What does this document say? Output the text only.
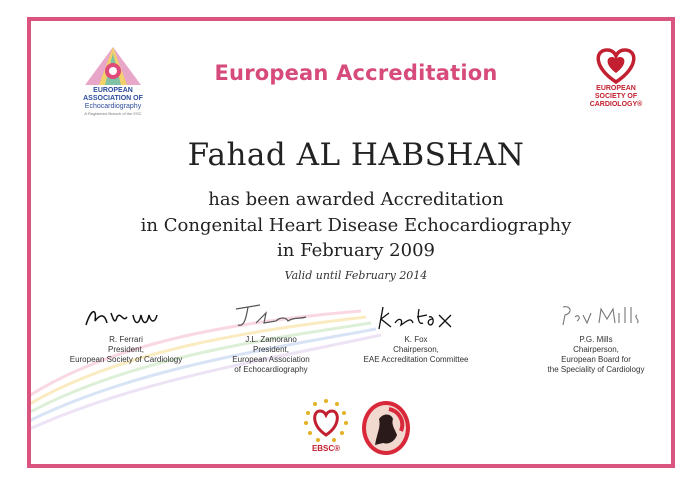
EUROPEAN
ASSOCIATION OF
Echocardiography
A Registered Branch of the ESC
EUROPEAN
SOCIETY OF
CARDIOLOGY®
European Accreditation
Fahad AL HABSHAN
has been awarded Accreditation
in Congenital Heart Disease Echocardiography
in February 2009
Valid until February 2014
R. Ferrari
President,
European Society of Cardiology
J.L. Zamorano
President,
European Association
of Echocardiography
K. Fox
Chairperson,
EAE Accreditation Committee
P.G. Mills
Chairperson,
European Board for
the Speciality of Cardiology
EBSC®
